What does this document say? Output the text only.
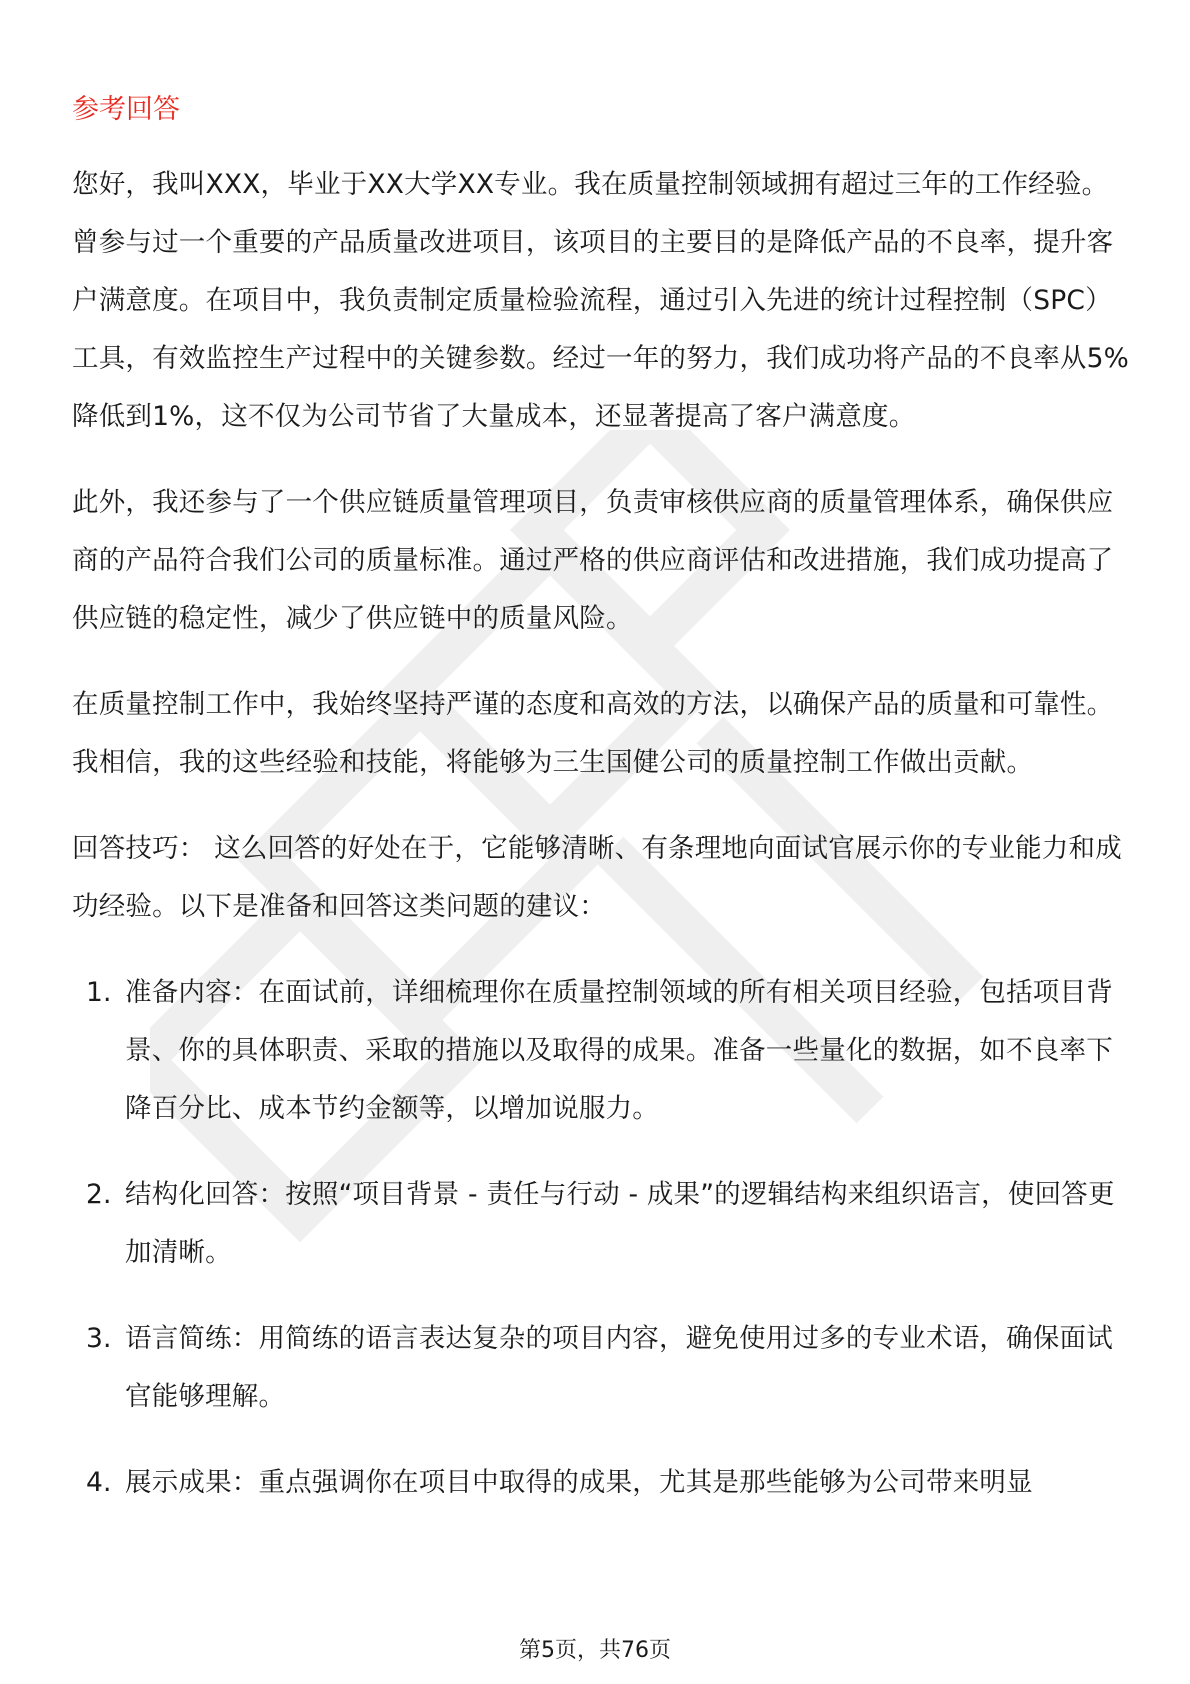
参考回答

您好，我叫XXX，毕业于XX大学XX专业。我在质量控制领域拥有超过三年的工作经验。曾参与过一个重要的产品质量改进项目，该项目的主要目的是降低产品的不良率，提升客户满意度。在项目中，我负责制定质量检验流程，通过引入先进的统计过程控制（SPC）工具，有效监控生产过程中的关键参数。经过一年的努力，我们成功将产品的不良率从5%降低到1%，这不仅为公司节省了大量成本，还显著提高了客户满意度。

此外，我还参与了一个供应链质量管理项目，负责审核供应商的质量管理体系，确保供应商的产品符合我们公司的质量标准。通过严格的供应商评估和改进措施，我们成功提高了供应链的稳定性，减少了供应链中的质量风险。

在质量控制工作中，我始终坚持严谨的态度和高效的方法，以确保产品的质量和可靠性。我相信，我的这些经验和技能，将能够为三生国健公司的质量控制工作做出贡献。

回答技巧： 这么回答的好处在于，它能够清晰、有条理地向面试官展示你的专业能力和成功经验。以下是准备和回答这类问题的建议：

1. 准备内容：在面试前，详细梳理你在质量控制领域的所有相关项目经验，包括项目背景、你的具体职责、采取的措施以及取得的成果。准备一些量化的数据，如不良率下降百分比、成本节约金额等，以增加说服力。
2. 结构化回答：按照“项目背景 - 责任与行动 - 成果”的逻辑结构来组织语言，使回答更加清晰。
3. 语言简练：用简练的语言表达复杂的项目内容，避免使用过多的专业术语，确保面试官能够理解。
4. 展示成果：重点强调你在项目中取得的成果，尤其是那些能够为公司带来明显
第5页，共76页
